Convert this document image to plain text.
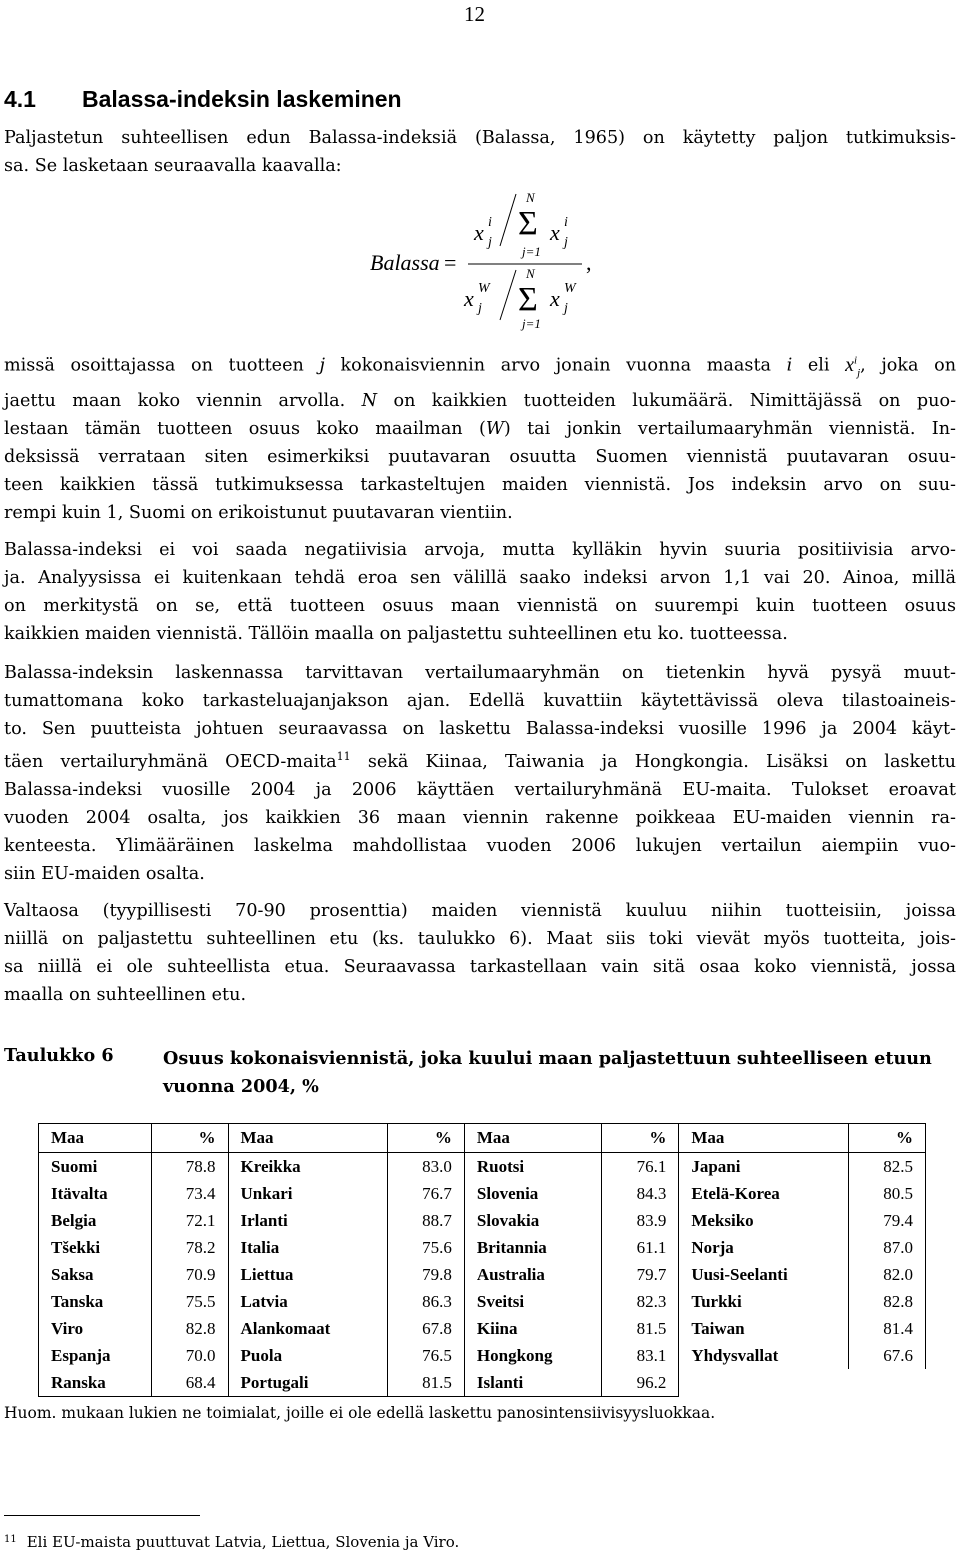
12
4.1 Balassa-indeksin laskeminen
Paljastetun suhteellisen edun Balassa-indeksiä (Balassa, 1965) on käytetty paljon tutkimuksis-
sa. Se lasketaan seuraavalla kaavalla:
Balassa =
x i
j
N
Σ
j=1
x i
j
x W
j
N
Σ
j=1
x W
j
,
missä osoittajassa on tuotteen j kokonaisviennin arvo jonain vuonna maasta i eli $x^i_j$, joka on
jaettu maan koko viennin arvolla. N on kaikkien tuotteiden lukumäärä. Nimittäjässä on puo-
lestaan tämän tuotteen osuus koko maailman (W) tai jonkin vertailumaaryhmän viennistä. In-
deksissä verrataan siten esimerkiksi puutavaran osuutta Suomen viennistä puutavaran osuu-
teen kaikkien tässä tutkimuksessa tarkasteltujen maiden viennistä. Jos indeksin arvo on suu-
rempi kuin 1, Suomi on erikoistunut puutavaran vientiin.
Balassa-indeksi ei voi saada negatiivisia arvoja, mutta kylläkin hyvin suuria positiivisia arvo-
ja. Analyysissa ei kuitenkaan tehdä eroa sen välillä saako indeksi arvon 1,1 vai 20. Ainoa, millä
on merkitystä on se, että tuotteen osuus maan viennistä on suurempi kuin tuotteen osuus
kaikkien maiden viennistä. Tällöin maalla on paljastettu suhteellinen etu ko. tuotteessa.
Balassa-indeksin laskennassa tarvittavan vertailumaaryhmän on tietenkin hyvä pysyä muut-
tumattomana koko tarkasteluajanjakson ajan. Edellä kuvattiin käytettävissä oleva tilastoaineis-
to. Sen puutteista johtuen seuraavassa on laskettu Balassa-indeksi vuosille 1996 ja 2004 käyt-
täen vertailuryhmänä OECD-maita$^{11}$ sekä Kiinaa, Taiwania ja Hongkongia. Lisäksi on laskettu
Balassa-indeksi vuosille 2004 ja 2006 käyttäen vertailuryhmänä EU-maita. Tulokset eroavat
vuoden 2004 osalta, jos kaikkien 36 maan viennin rakenne poikkeaa EU-maiden viennin ra-
kenteesta. Ylimääräinen laskelma mahdollistaa vuoden 2006 lukujen vertailun aiempiin vuo-
siin EU-maiden osalta.
Valtaosa (tyypillisesti 70-90 prosenttia) maiden viennistä kuuluu niihin tuotteisiin, joissa
niillä on paljastettu suhteellinen etu (ks. taulukko 6). Maat siis toki vievät myös tuotteita, jois-
sa niillä ei ole suhteellista etua. Seuraavassa tarkastellaan vain sitä osaa koko viennistä, jossa
maalla on suhteellinen etu.
Taulukko 6	Osuus kokonaisviennistä, joka kuului maan paljastettuun suhteelliseen etuun vuonna 2004, %
Maa	%	Maa	%	Maa	%	Maa	%
Suomi	78.8	Kreikka	83.0	Ruotsi	76.1	Japani	82.5
Itävalta	73.4	Unkari	76.7	Slovenia	84.3	Etelä-Korea	80.5
Belgia	72.1	Irlanti	88.7	Slovakia	83.9	Meksiko	79.4
Tšekki	78.2	Italia	75.6	Britannia	61.1	Norja	87.0
Saksa	70.9	Liettua	79.8	Australia	79.7	Uusi-Seelanti	82.0
Tanska	75.5	Latvia	86.3	Sveitsi	82.3	Turkki	82.8
Viro	82.8	Alankomaat	67.8	Kiina	81.5	Taiwan	81.4
Espanja	70.0	Puola	76.5	Hongkong	83.1	Yhdysvallat	67.6
Ranska	68.4	Portugali	81.5	Islanti	96.2		
Huom. mukaan lukien ne toimialat, joille ei ole edellä laskettu panosintensiivisyysluokkaa.
$^{11}$ Eli EU-maista puuttuvat Latvia, Liettua, Slovenia ja Viro.
